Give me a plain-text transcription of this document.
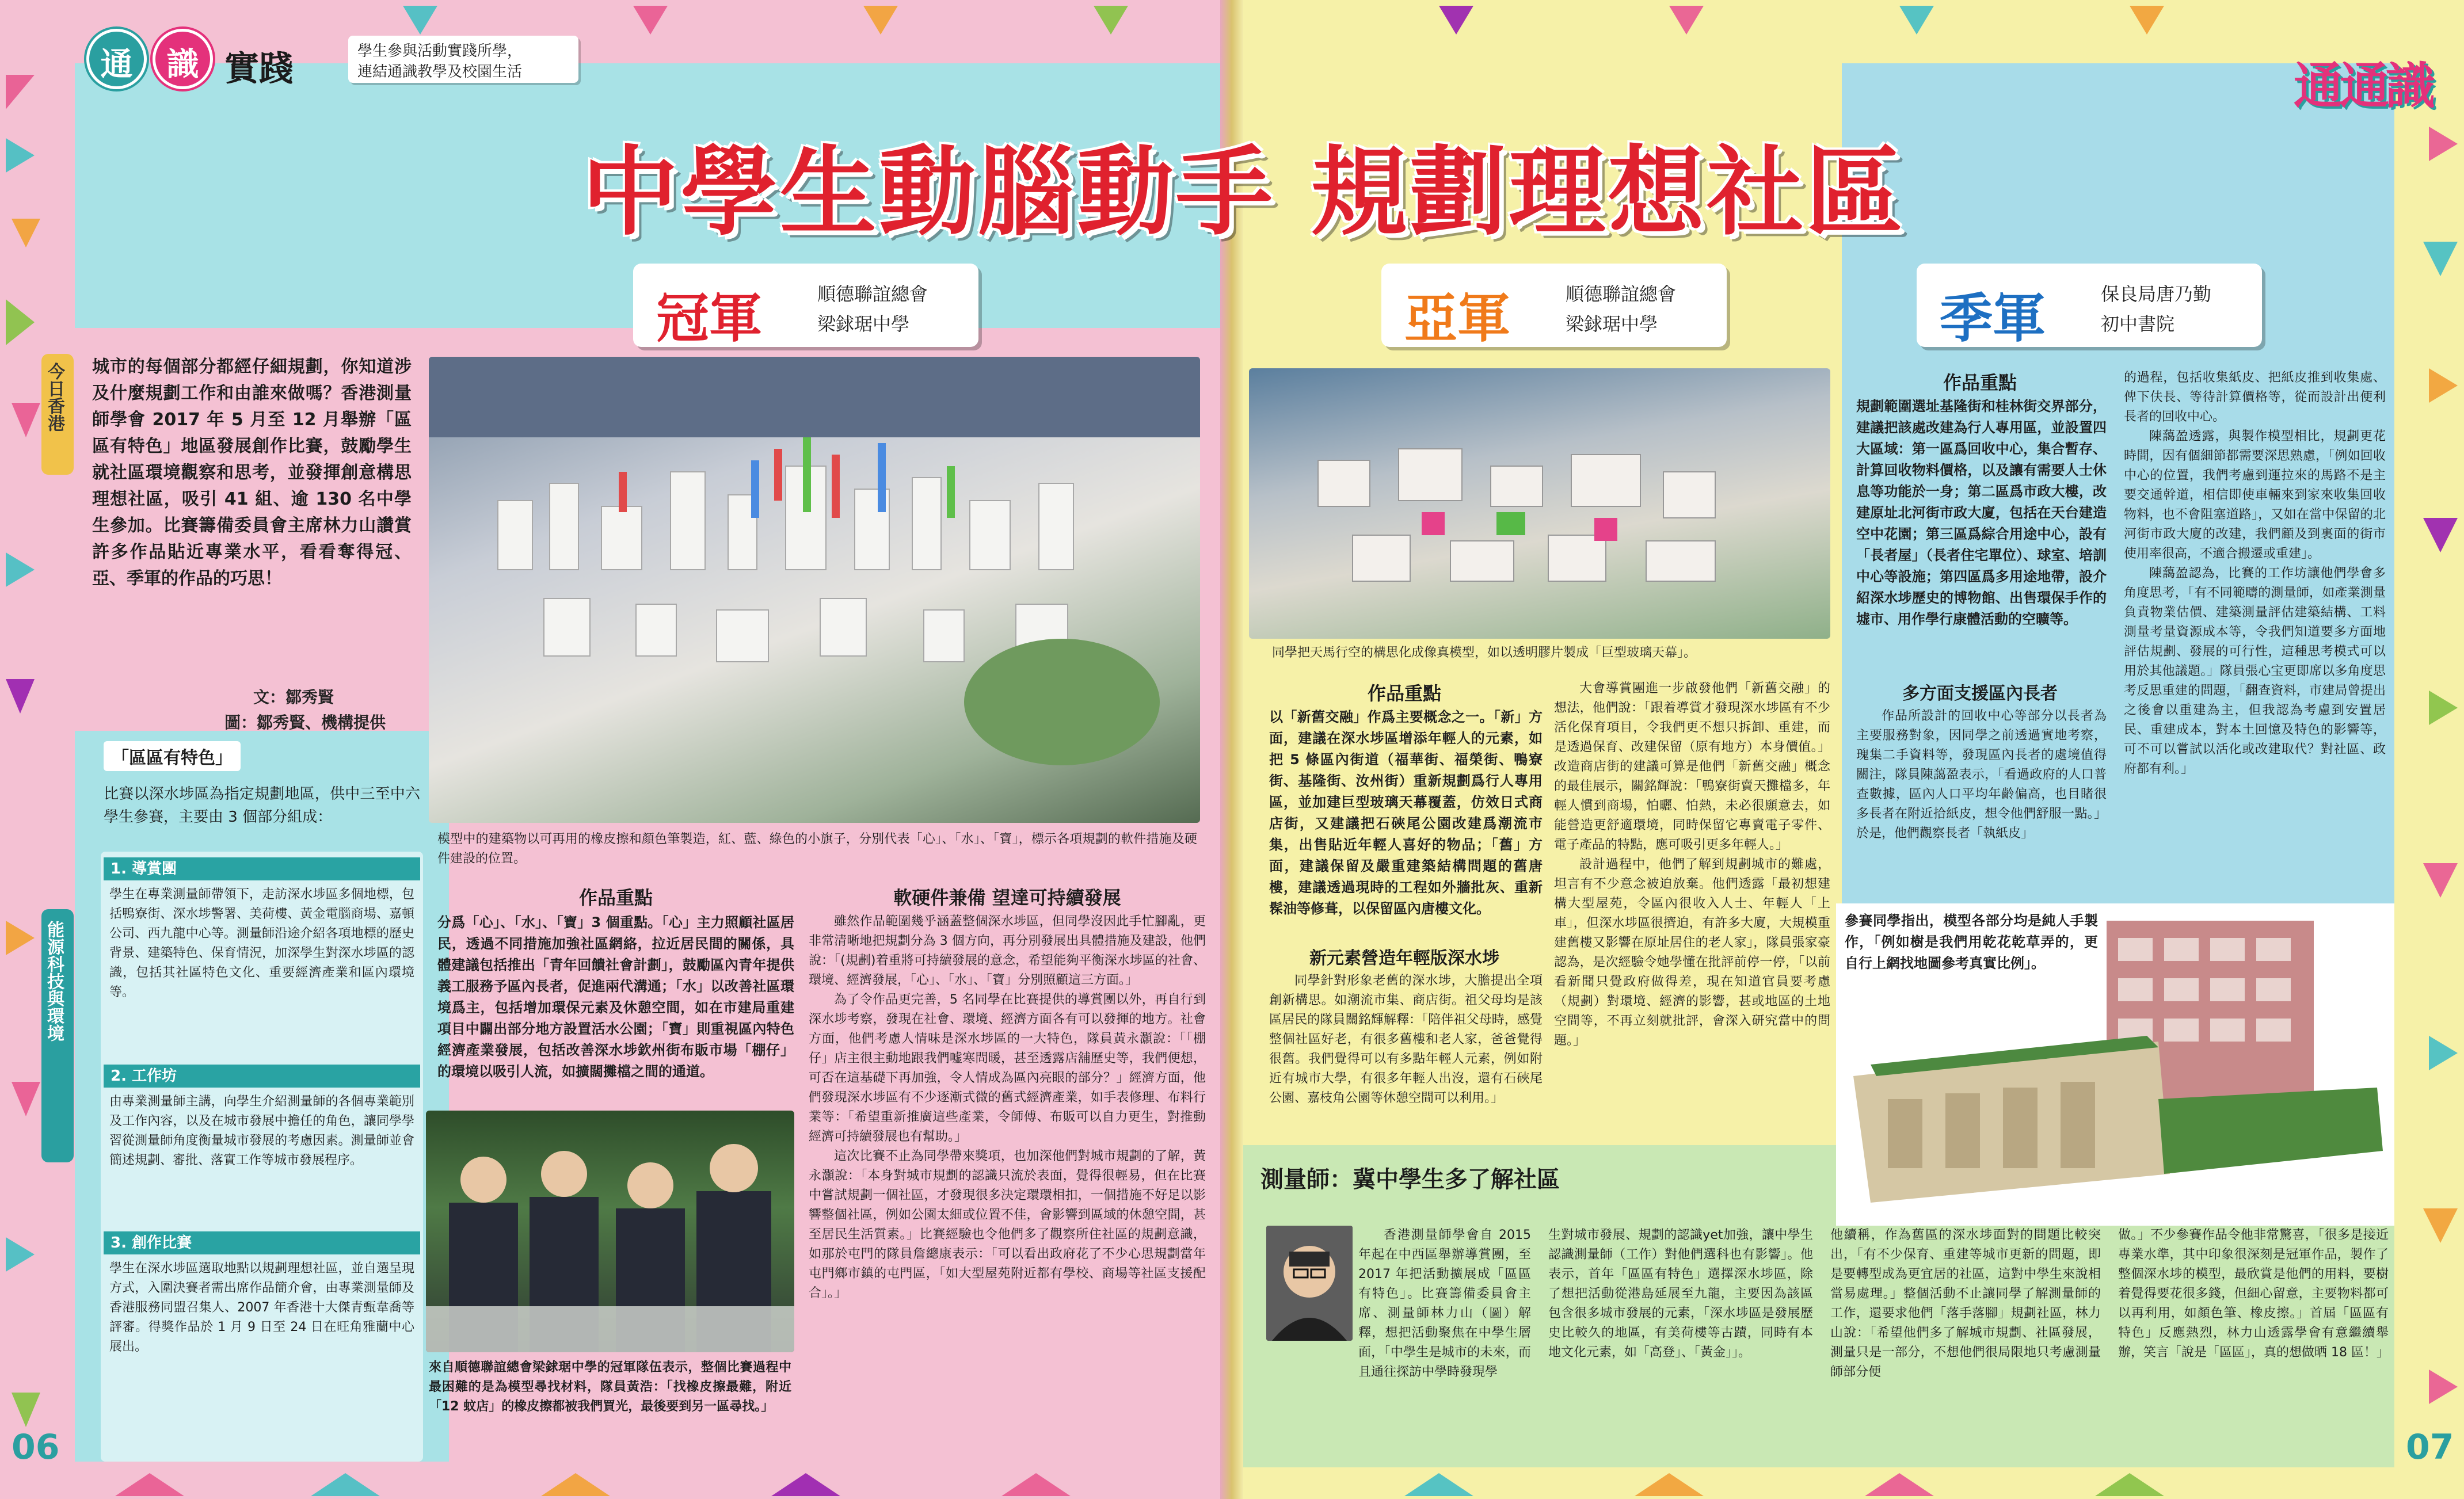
通	識 實踐	學生參與活動實踐所學，
連結通識教學及校園生活	通通識
中學生動腦動手 規劃理想社區
今日香港
能源科技與環境
冠軍	順德聯誼總會
梁銶琚中學	亞軍	順德聯誼總會
梁銶琚中學	季軍	保良局唐乃勤
初中書院
城市的每個部分都經仔細規劃，你知道涉及什麼規劃工作和由誰來做嗎？香港測量師學會 2017 年 5 月至 12 月舉辦「區區有特色」地區發展創作比賽，鼓勵學生就社區環境觀察和思考，並發揮創意構思理想社區，吸引 41 組、逾 130 名中學生參加。比賽籌備委員會主席林力山讚賞許多作品貼近專業水平，看看奪得冠、亞、季軍的作品的巧思！
文：鄒秀賢
圖：鄒秀賢、機構提供
「區區有特色」
比賽以深水埗區為指定規劃地區，供中三至中六學生參賽，主要由 3 個部分組成：
1. 導賞團
學生在專業測量師帶領下，走訪深水埗區多個地標，包括鴨寮街、深水埗警署、美荷樓、黃金電腦商場、嘉頓公司、西九龍中心等。測量師沿途介紹各項地標的歷史背景、建築特色、保育情況，加深學生對深水埗區的認識，包括其社區特色文化、重要經濟產業和區內環境等。
2. 工作坊
由專業測量師主講，向學生介紹測量師的各個專業範別及工作內容，以及在城市發展中擔任的角色，讓同學學習從測量師角度衡量城市發展的考慮因素。測量師並會簡述規劃、審批、落實工作等城市發展程序。
3. 創作比賽
學生在深水埗區選取地點以規劃理想社區，並自選呈現方式，入圍決賽者需出席作品簡介會，由專業測量師及香港服務同盟召集人、2007 年香港十大傑青甄韋喬等評審。得獎作品於 1 月 9 日至 24 日在旺角雅蘭中心展出。
模型中的建築物以可再用的橡皮擦和顏色筆製造，紅、藍、綠色的小旗子，分別代表「心」、「水」、「寶」，標示各項規劃的軟件措施及硬件建設的位置。
作品重點
分爲「心」、「水」、「寶」3 個重點。「心」主力照顧社區居民，透過不同措施加強社區網絡，拉近居民間的關係，具體建議包括推出「青年回饋社會計劃」，鼓勵區內青年提供義工服務予區內長者，促進兩代溝通；「水」以改善社區環境爲主，包括增加環保元素及休憩空間，如在市建局重建項目中闢出部分地方設置活水公園；「寶」則重視區內特色經濟產業發展，包括改善深水埗欽州街布販市場「棚仔」的環境以吸引人流，如擴闊攤檔之間的通道。
來自順德聯誼總會梁銶琚中學的冠軍隊伍表示，整個比賽過程中最困難的是為模型尋找材料，隊員黃浩：「找橡皮擦最難，附近「12 蚊店」的橡皮擦都被我們買光，最後要到另一區尋找。」
軟硬件兼備 望達可持續發展

雖然作品範圍幾乎涵蓋整個深水埗區，但同學沒因此手忙腳亂，更非常清晰地把規劃分為 3 個方向，再分別發展出具體措施及建設，他們說：「(規劃)着重將可持續發展的意念，希望能夠平衡深水埗區的社會、環境、經濟發展，「心」、「水」、「寶」分別照顧這三方面。」

為了令作品更完善，5 名同學在比賽提供的導賞團以外，再自行到深水埗考察，發現在社會、環境、經濟方面各有可以發揮的地方。社會方面，他們考慮人情味是深水埗區的一大特色，隊員黃永灝說：「「棚仔」店主很主動地跟我們嘘寒問暖，甚至透露店舖歷史等，我們便想，可否在這基礎下再加強，令人情成為區內亮眼的部分？」經濟方面，他們發現深水埗區有不少逐漸式微的舊式經濟產業，如手表修理、布料行業等：「希望重新推廣這些產業，令師傅、布販可以自力更生，對推動經濟可持續發展也有幫助。」

這次比賽不止為同學帶來獎項，也加深他們對城市規劃的了解，黃永灝說：「本身對城市規劃的認識只流於表面，覺得很輕易，但在比賽中嘗試規劃一個社區，才發現很多決定環環相扣，一個措施不好足以影響整個社區，例如公園太細或位置不佳，會影響到區域的休憩空間，甚至居民生活質素。」比賽經驗也令他們多了觀察所住社區的規劃意識，如那於屯門的隊員詹總康表示：「可以看出政府花了不少心思規劃當年屯門鄉市鎮的屯門區，「如大型屋苑附近都有學校、商場等社區支援配合」。」

同學把天馬行空的構思化成像真模型，如以透明膠片製成「巨型玻璃天幕」。
作品重點
以「新舊交融」作爲主要概念之一。「新」方面，建議在深水埗區增添年輕人的元素，如把 5 條區內街道（福華街、福榮街、鴨寮街、基隆街、汝州街）重新規劃爲行人專用區，並加建巨型玻璃天幕覆蓋，仿效日式商店街，又建議把石硤尾公園改建爲潮流市集，出售貼近年輕人喜好的物品；「舊」方面，建議保留及嚴重建築結構問題的舊唐樓，建議透過現時的工程如外牆批灰、重新髹油等修葺，以保留區內唐樓文化。
新元素營造年輕版深水埗
同學針對形象老舊的深水埗，大膽提出全項創新構思。如潮流市集、商店街。祖父母均是該區居民的隊員關銘輝解釋：「陪伴祖父母時，感覺整個社區好老，有很多舊樓和老人家，爸爸覺得很舊。我們覺得可以有多點年輕人元素，例如附近有城市大學，有很多年輕人出沒，還有石硤尾公園、嘉枝角公園等休憩空間可以利用。」

大會導賞團進一步啟發他們「新舊交融」的想法，他們說：「跟着導賞才發現深水埗區有不少活化保育項目，令我們更不想只拆卸、重建，而是透過保育、改建保留（原有地方）本身價值。」改造商店街的建議可算是他們「新舊交融」概念的最佳展示，關銘輝說：「鴨寮街賣天攤檔多，年輕人慣到商場，怕曬、怕熱，未必很願意去，如能營造更舒適環境，同時保留它專賣電子零件、電子產品的特點，應可吸引更多年輕人。」

設計過程中，他們了解到規劃城市的難處，坦言有不少意念被迫放棄。他們透露「最初想建構大型屋苑，令區內很收入人士、年輕人「上車」，但深水埗區很擠迫，有許多大廈，大規模重建舊樓又影響在原址居住的老人家」，隊員張家豪認為，是次經驗令她學懂在批評前停一停，「以前看新聞只覺政府做得差，現在知道官員要考慮（規劃）對環境、經濟的影響，甚或地區的土地空間等，不再立刻就批評，會深入研究當中的問題。」

作品重點
規劃範圍選址基隆街和桂林街交界部分，建議把該處改建為行人專用區，並設置四大區域：第一區爲回收中心，集合暫存、計算回收物料價格，以及讓有需要人士休息等功能於一身；第二區爲市政大樓，改建原址北河街市政大廈，包括在天台建造空中花園；第三區爲綜合用途中心，設有「長者屋」（長者住宅單位）、球室、培訓中心等設施；第四區爲多用途地帶，設介紹深水埗歷史的博物館、出售環保手作的墟市、用作學行康體活動的空曠等。
多方面支援區內長者
作品所設計的回收中心等部分以長者為主要服務對象，因同學之前透過實地考察，瑰集二手資料等，發現區內長者的處境值得關注，隊員陳藹盈表示，「看過政府的人口普查數據，區內人口平均年齡偏高，也目睹很多長者在附近拾紙皮，想令他們舒服一點。」於是，他們觀察長者「執紙皮」

的過程，包括收集紙皮、把紙皮推到收集處、俾下伕長、等待計算價格等，從而設計出便利長者的回收中心。

陳藹盈透露，與製作模型相比，規劃更花時間，因有個細節都需要深思熟慮，「例如回收中心的位置，我們考慮到運拉來的馬路不是主要交通幹道，相信即使車輛來到家來收集回收物料，也不會阻塞道路」，又如在當中保留的北河街市政大廈的改建，我們顧及到裏面的街市使用率很高，不適合搬遷或重建」。

陳藹盈認為，比賽的工作坊讓他們學會多角度思考，「有不同範疇的測量師，如產業測量負責物業估價、建築測量評估建築結構、工料測量考量資源成本等，令我們知道要多方面地評估規劃、發展的可行性，這種思考模式可以用於其他議題。」隊員張心宝更即席以多角度思考反思重建的問題，「翻查資料，市建局曾提出之後會以重建為主，但我認為考慮到安置居民、重建成本，對本土回憶及特色的影響等，可不可以嘗試以活化或改建取代？對社區、政府都有利。」

參賽同學指出，模型各部分均是純人手製作，「例如樹是我們用乾花乾草弄的，更自行上網找地圖參考真實比例」。
測量師：冀中學生多了解社區
香港測量師學會自 2015 年起在中西區舉辦導賞團，至 2017 年把活動擴展成「區區有特色」。比賽籌備委員會主席、測量師林力山（圖）解釋，想把活動聚焦在中學生層面，「中學生是城市的未來，而且通往探訪中學時發現學
生對城市發展、規劃的認識yet加強，讓中學生認識測量師（工作）對他們選科也有影響」。他表示，首年「區區有特色」選擇深水埗區，除了想把活動從港島延展至九龍，主要因為該區包含很多城市發展的元素，「深水埗區是發展歷史比較久的地區，有美荷樓等古蹟，同時有本地文化元素，如「高登」、「黃金」」。
他續稱，作為舊區的深水埗面對的問題比較突出，「有不少保育、重建等城市更新的問題，即是要轉型成為更宜居的社區，這對中學生來說相當易處理。」整個活動不止讓同學了解測量師的工作，還要求他們「落手落腳」規劃社區，林力山說：「希望他們多了解城市規劃、社區發展，測量只是一部分，不想他們很局限地只考慮測量師部分便
做。」不少參賽作品令他非常驚喜，「很多是接近專業水準，其中印象很深刻是冠軍作品，製作了整個深水埗的模型，最欣賞是他們的用料，要樹着覺得要花很多錢，但細心留意，主要物料都可以再利用，如顏色筆、橡皮擦。」首屆「區區有特色」反應熱烈，林力山透露學會有意繼續舉辦，笑言「說是「區區」，真的想做晒 18 區！」
06	07
